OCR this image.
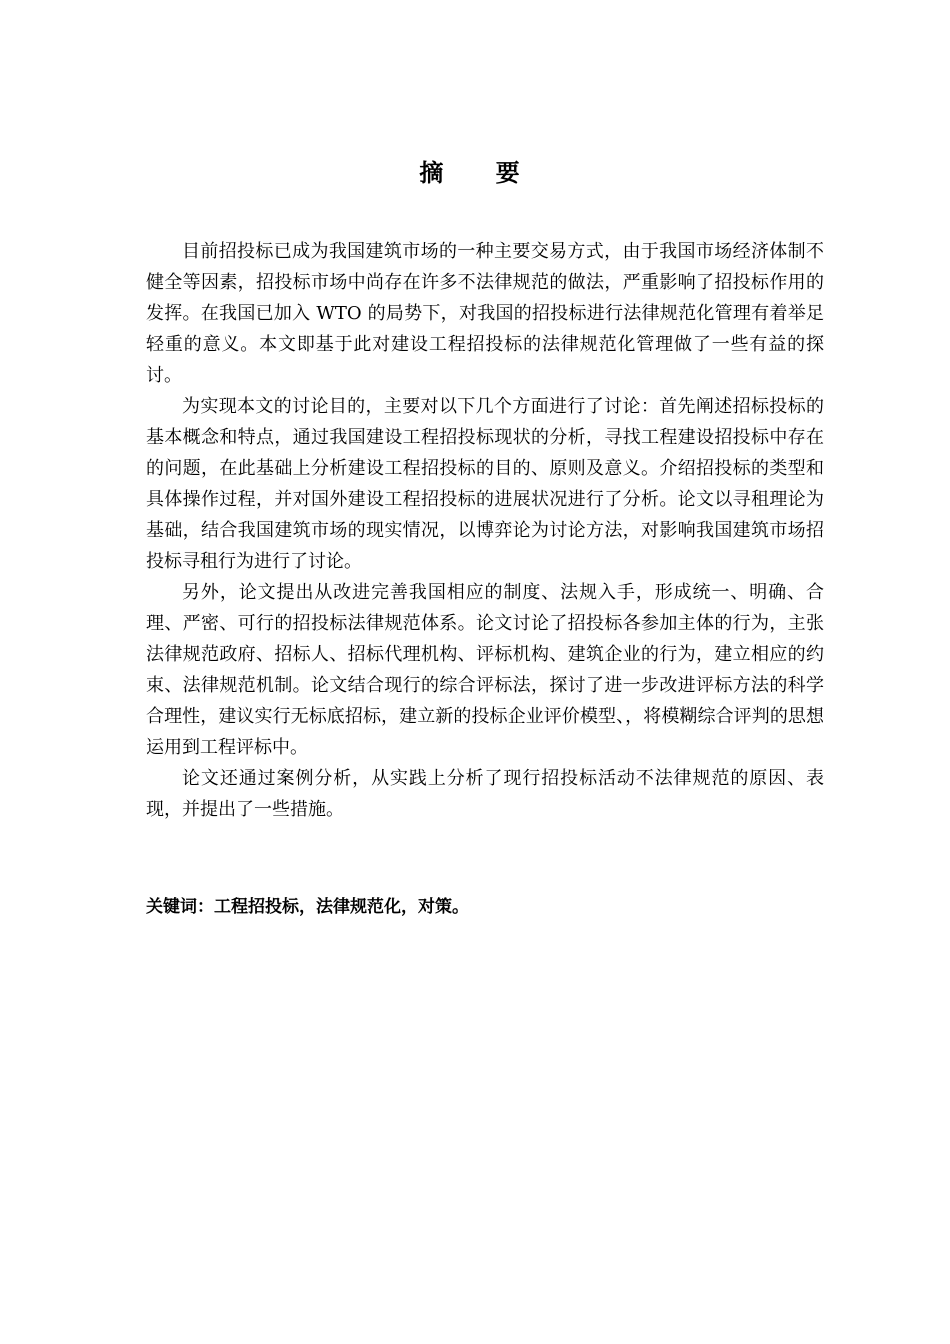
摘 要

目前招投标已成为我国建筑市场的一种主要交易方式，由于我国市场经济体制不健全等因素，招投标市场中尚存在许多不法律规范的做法，严重影响了招投标作用的发挥。在我国已加入 WTO 的局势下，对我国的招投标进行法律规范化管理有着举足轻重的意义。本文即基于此对建设工程招投标的法律规范化管理做了一些有益的探讨。

为实现本文的讨论目的，主要对以下几个方面进行了讨论：首先阐述招标投标的基本概念和特点，通过我国建设工程招投标现状的分析，寻找工程建设招投标中存在的问题，在此基础上分析建设工程招投标的目的、原则及意义。介绍招投标的类型和具体操作过程，并对国外建设工程招投标的进展状况进行了分析。论文以寻租理论为基础，结合我国建筑市场的现实情况，以博弈论为讨论方法，对影响我国建筑市场招投标寻租行为进行了讨论。

另外，论文提出从改进完善我国相应的制度、法规入手，形成统一、明确、合理、严密、可行的招投标法律规范体系。论文讨论了招投标各参加主体的行为，主张法律规范政府、招标人、招标代理机构、评标机构、建筑企业的行为，建立相应的约束、法律规范机制。论文结合现行的综合评标法，探讨了进一步改进评标方法的科学合理性，建议实行无标底招标，建立新的投标企业评价模型、，将模糊综合评判的思想运用到工程评标中。

论文还通过案例分析，从实践上分析了现行招投标活动不法律规范的原因、表现，并提出了一些措施。

关键词：工程招投标，法律规范化，对策。
